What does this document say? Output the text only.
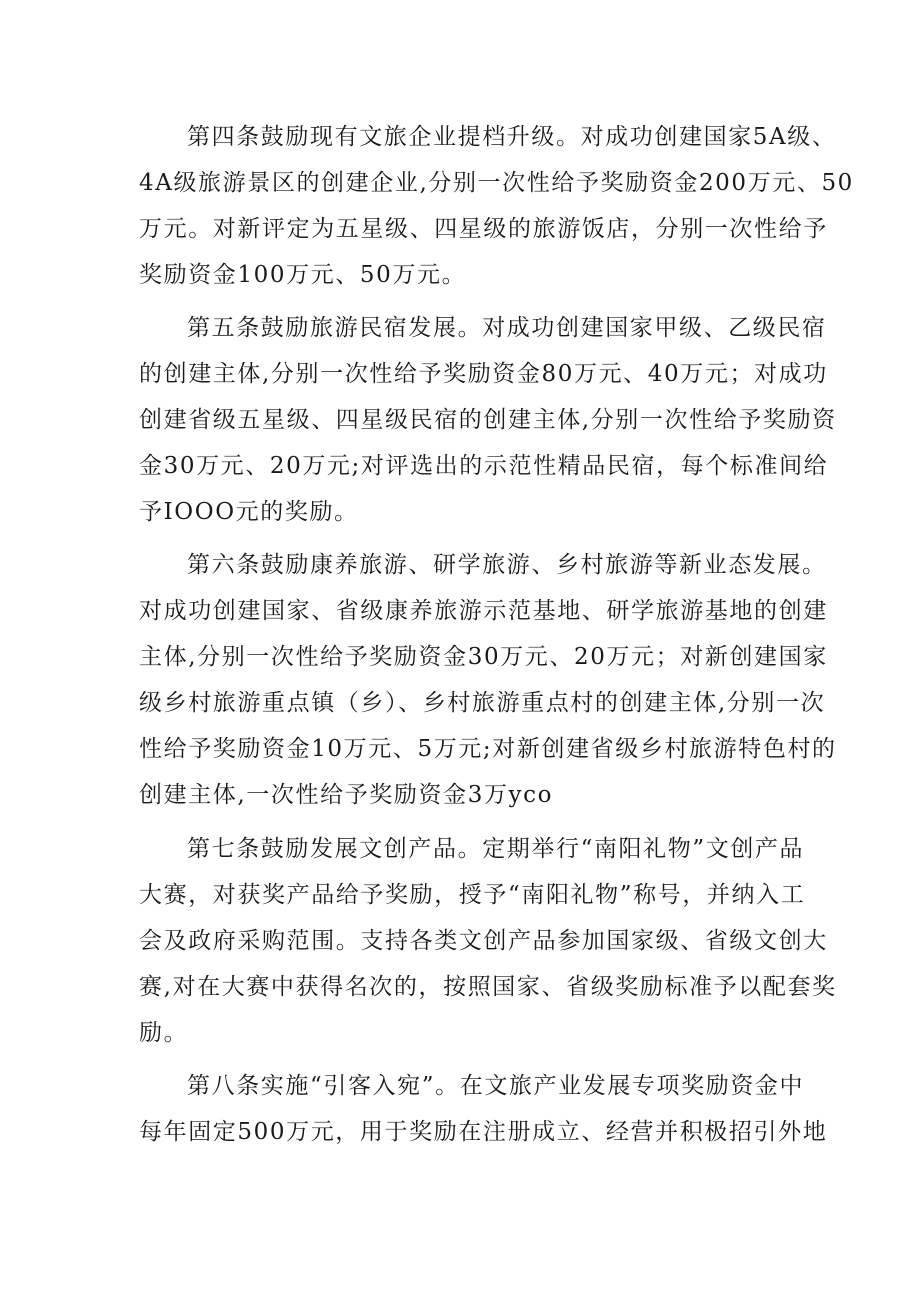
第四条鼓励现有文旅企业提档升级。对成功创建国家5A级、
4A级旅游景区的创建企业,分别一次性给予奖励资金200万元、50
万元。对新评定为五星级、四星级的旅游饭店，分别一次性给予
奖励资金100万元、50万元。
第五条鼓励旅游民宿发展。对成功创建国家甲级、乙级民宿
的创建主体,分别一次性给予奖励资金80万元、40万元；对成功
创建省级五星级、四星级民宿的创建主体,分别一次性给予奖励资
金30万元、20万元;对评选出的示范性精品民宿，每个标准间给
予IOOO元的奖励。
第六条鼓励康养旅游、研学旅游、乡村旅游等新业态发展。
对成功创建国家、省级康养旅游示范基地、研学旅游基地的创建
主体,分别一次性给予奖励资金30万元、20万元；对新创建国家
级乡村旅游重点镇（乡）、乡村旅游重点村的创建主体,分别一次
性给予奖励资金10万元、5万元;对新创建省级乡村旅游特色村的
创建主体,一次性给予奖励资金3万yco
第七条鼓励发展文创产品。定期举行“南阳礼物”文创产品
大赛，对获奖产品给予奖励，授予“南阳礼物”称号，并纳入工
会及政府采购范围。支持各类文创产品参加国家级、省级文创大
赛,对在大赛中获得名次的，按照国家、省级奖励标准予以配套奖
励。
第八条实施“引客入宛”。在文旅产业发展专项奖励资金中
每年固定500万元，用于奖励在注册成立、经营并积极招引外地
